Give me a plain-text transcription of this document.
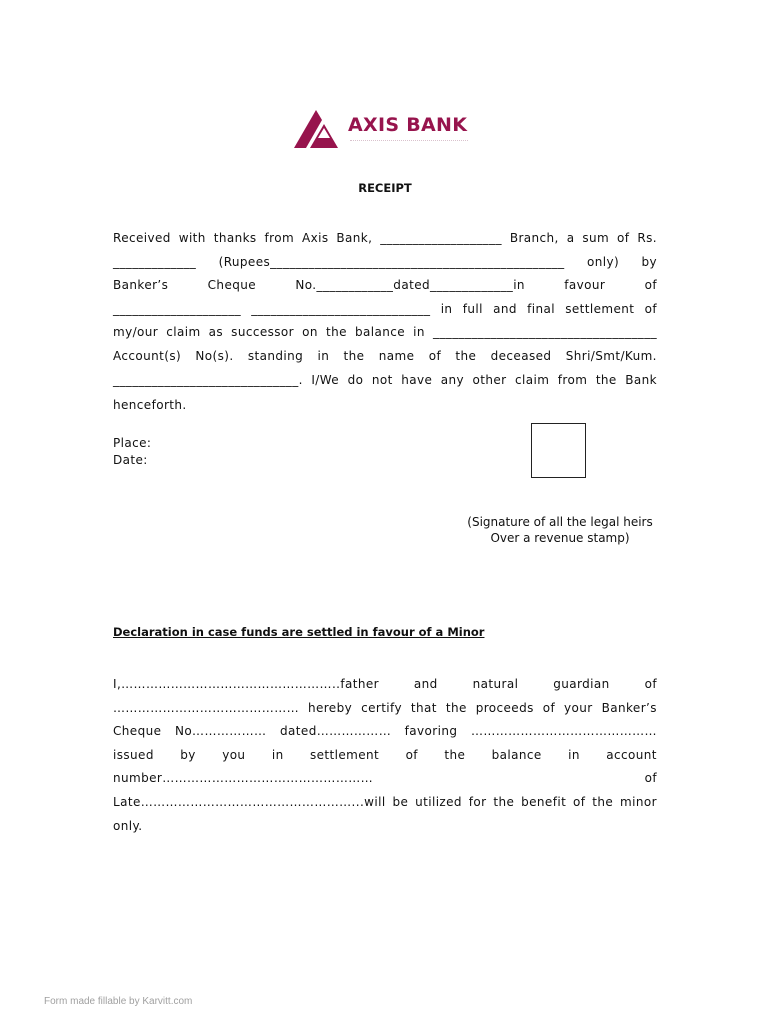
AXIS BANK
RECEIPT
Received with thanks from Axis Bank, ___________________ Branch, a sum of Rs.
_____________ (Rupees______________________________________________ only) by
Banker’s	Cheque	No.____________dated_____________in	favour	of
____________________ ____________________________ in full and final settlement of
my/our claim as successor on the balance in ___________________________________
Account(s) No(s). standing in the name of the deceased Shri/Smt/Kum.
_____________________________. I/We do not have any other claim from the Bank
henceforth.
Place:
Date:
(Signature of all the legal heirs
Over a revenue stamp)
Declaration in case funds are settled in favour of a Minor
I,……………………………………………..father	and	natural	guardian	of
……………………………………… hereby certify that the proceeds of your Banker’s
Cheque No……………… dated……………… favoring ………………………………………
issued by you in settlement of the balance in account
number……………………………………………	of
Late……………………………………………...will be utilized for the benefit of the minor
only.
Form made fillable by Karvitt.com
